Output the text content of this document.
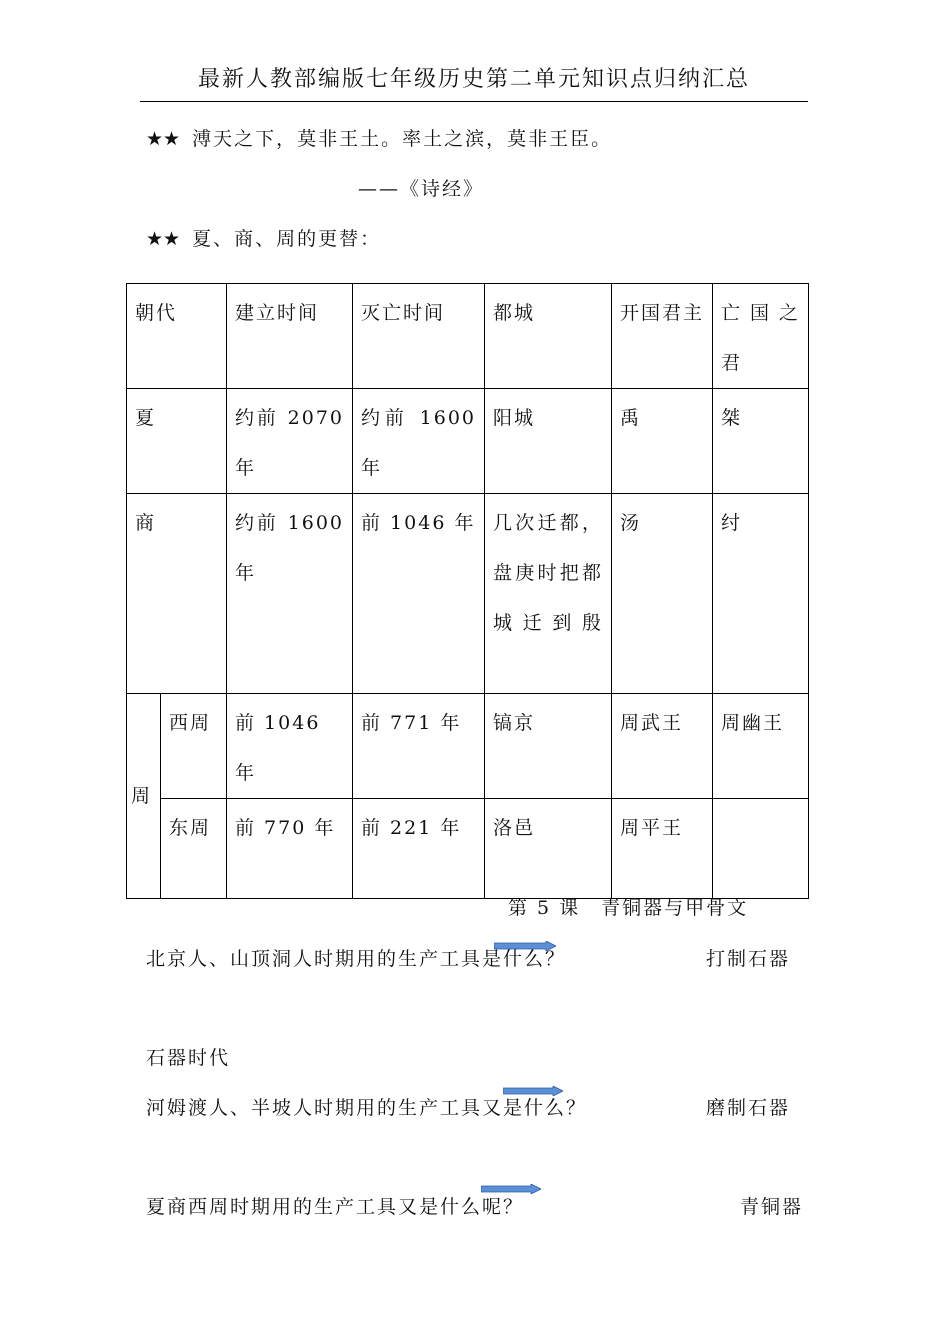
最新人教部编版七年级历史第二单元知识点归纳汇总
★★ 溥天之下，莫非王土。率土之滨，莫非王臣。
——《诗经》
★★ 夏、商、周的更替：
朝代		建立时间	灭亡时间	都城	开国君主	亡国之君

夏		约前 2070 年	约前 1600 年	阳城	禹	桀
商		约前 1600 年	前 1046 年	几次迁都，盘庚时把都城迁到殷	汤	纣
周	西周	前 1046 年	前 771 年	镐京	周武王	周幽王
	东周	前 770 年	前 221 年	洛邑	周平王	
第 5 课　青铜器与甲骨文
北京人、山顶洞人时期用的生产工具是什么？	打制石器
石器时代
河姆渡人、半坡人时期用的生产工具又是什么？	磨制石器
夏商西周时期用的生产工具又是什么呢？	青铜器
